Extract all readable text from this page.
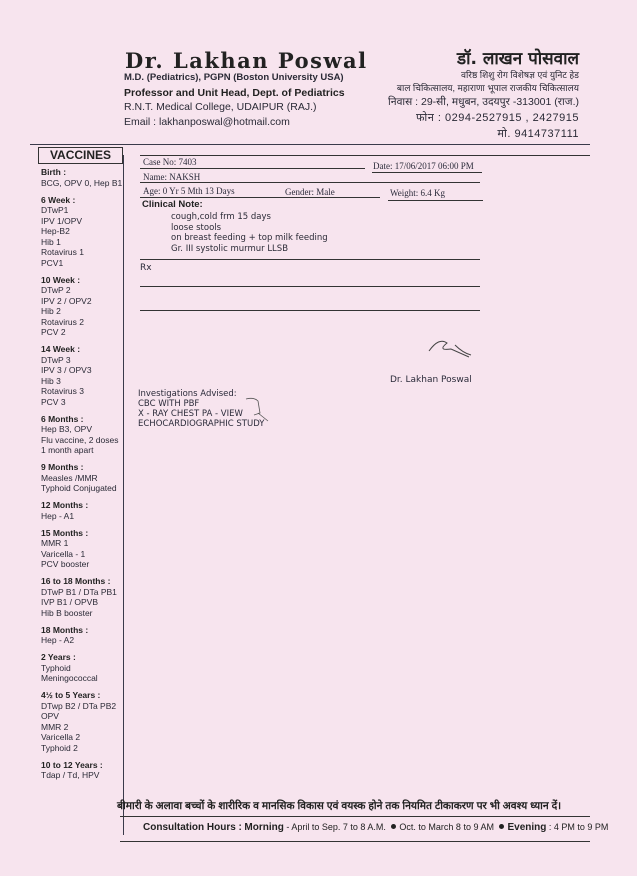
Dr. Lakhan Poswal
M.D. (Pediatrics), PGPN (Boston University USA)
Professor and Unit Head, Dept. of Pediatrics
R.N.T. Medical College, UDAIPUR (RAJ.)
Email : lakhanposwal@hotmail.com
डॉ. लाखन पोसवाल
वरिष्ठ शिशु रोग विशेषज्ञ एवं युनिट हेड
बाल चिकित्सालय, महाराणा भूपाल राजकीय चिकित्सालय
निवास : 29-सी, मधुबन, उदयपुर -313001 (राज.)
फोन : 0294-2527915 , 2427915
मो. 9414737111
VACCINES
Birth :
BCG, OPV 0, Hep B1
6 Week :
DTwP1
IPV 1/OPV
Hep-B2
Hib 1
Rotavirus 1
PCV1
10 Week :
DTwP 2
IPV 2 / OPV2
Hib 2
Rotavirus 2
PCV 2
14 Week :
DTwP 3
IPV 3 / OPV3
Hib 3
Rotavirus 3
PCV 3
6 Months :
Hep B3, OPV
Flu vaccine, 2 doses 1 month apart
9 Months :
Measles /MMR
Typhoid Conjugated
12 Months :
Hep - A1
15 Months :
MMR 1
Varicella - 1
PCV booster
16 to 18 Months :
DTwP B1 / DTa PB1
IVP B1 / OPVB
Hib B booster
18 Months :
Hep - A2
2 Years :
Typhoid
Meningococcal
4½ to 5 Years :
DTwp B2 / DTa PB2
OPV
MMR 2
Varicella 2
Typhoid 2
10 to 12 Years :
Tdap / Td, HPV
Case No: 7403	Date: 17/06/2017 06:00 PM
Name: NAKSH
Age: 0 Yr 5 Mth 13 Days	Gender: Male	Weight: 6.4 Kg
Clinical Note:
cough,cold frm 15 days
loose stools
on breast feeding + top milk feeding
Gr. III systolic murmur LLSB
Rx
Dr. Lakhan Poswal
Investigations Advised:
CBC WITH PBF
X - RAY CHEST PA - VIEW
ECHOCARDIOGRAPHIC STUDY
बीमारी के अलावा बच्चों के शारीरिक व मानसिक विकास एवं वयस्क होने तक नियमित टीकाकरण पर भी अवश्य ध्यान दें।
Consultation Hours : Morning - April to Sep. 7 to 8 A.M. Oct. to March 8 to 9 AM Evening : 4 PM to 9 PM
